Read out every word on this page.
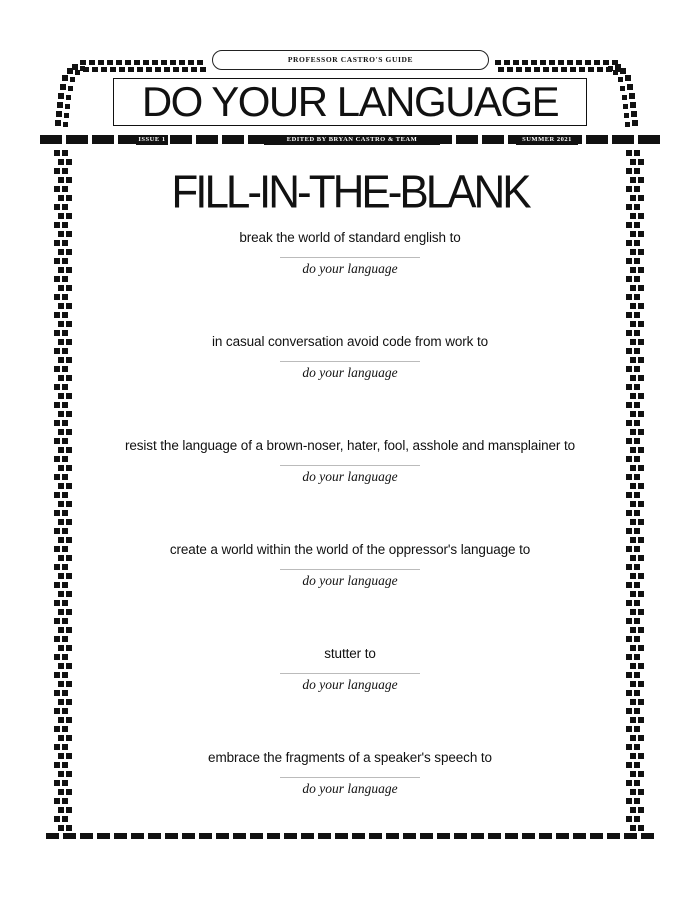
PROFESSOR CASTRO'S GUIDE
DO YOUR LANGUAGE
ISSUE 1	EDITED BY BRYAN CASTRO & TEAM	SUMMER 2021
FILL-IN-THE-BLANK
break the world of standard english to
do your language
in casual conversation avoid code from work to
do your language
resist the language of a brown-noser, hater, fool, asshole and mansplainer to
do your language
create a world within the world of the oppressor's language to
do your language
stutter to
do your language
embrace the fragments of a speaker's speech to
do your language
